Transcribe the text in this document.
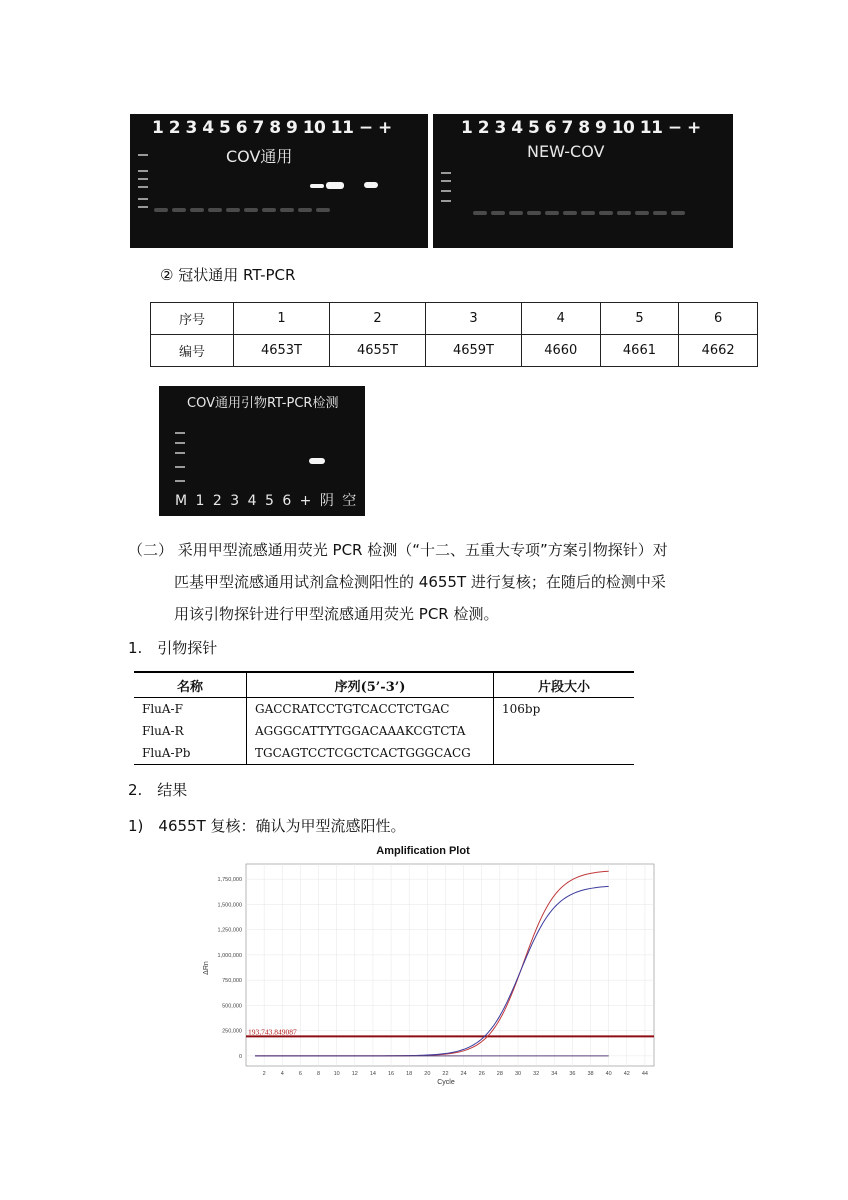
1 2 3 4 5 6 7 8 9 10 11 − +
COV通用
1 2 3 4 5 6 7 8 9 10 11 − +
NEW-COV
② 冠状通用 RT-PCR
序号	1	2	3	4	5	6
编号	4653T	4655T	4659T	4660	4661	4662
COV通用引物RT-PCR检测
M 1 2 3 4 5 6 + 阴 空
（二） 采用甲型流感通用荧光 PCR 检测（“十二、五重大专项”方案引物探针）对
匹基甲型流感通用试剂盒检测阳性的 4655T 进行复核；在随后的检测中采
用该引物探针进行甲型流感通用荧光 PCR 检测。
1.　引物探针
名称	序列(5’-3’)	片段大小
FluA-F	GACCRATCCTGTCACCTCTGAC	106bp
FluA-R	AGGGCATTYTGGACAAAKCGTCTA	
FluA-Pb	TGCAGTCCTCGCTCACTGGGCACG	
2.　结果
1)　4655T 复核：确认为甲型流感阳性。
Amplification Plot
ΔRn
Cycle
2	4	6	8 10 12 14 16 18 20 22 24 26 28 30 32 34 36 38 40 42 44
0
250,000
500,000
750,000
1,000,000
1,250,000
1,500,000
1,750,000
193,743.849087
